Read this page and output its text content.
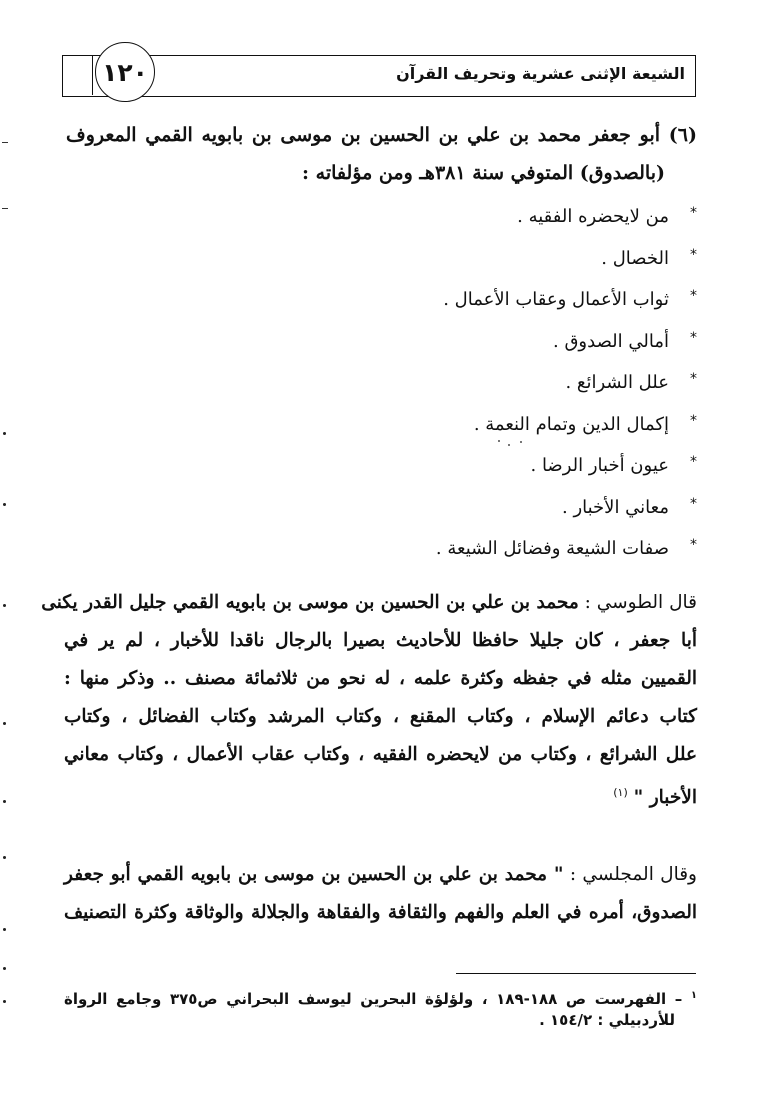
الشيعة الإثنى عشرية وتحريف القرآن
١٢٠
(٦) أبو جعفر محمد بن علي بن الحسين بن موسى بن بابويه القمي المعروف
(بالصدوق) المتوفي سنة ٣٨١هـ ومن مؤلفاته :
*من لايحضره الفقيه .
*الخصال .
*ثواب الأعمال وعقاب الأعمال .
*أمالي الصدوق .
*علل الشرائع .
*إكمال الدين وتمام النعمة .
*عيون أخبار الرضا .
*معاني الأخبار .
*صفات الشيعة وفضائل الشيعة .
قال الطوسي : محمد بن علي بن الحسين بن موسى بن بابويه القمي جليل القدر يكنى
أبا جعفر ، كان جليلا حافظا للأحاديث بصيرا بالرجال ناقدا للأخبار ، لم ير في
القميين مثله في جفظه وكثرة علمه ، له نحو من ثلاثمائة مصنف .. وذكر منها :
كتاب دعائم الإسلام ، وكتاب المقنع ، وكتاب المرشد وكتاب الفضائل ، وكتاب
علل الشرائع ، وكتاب من لايحضره الفقيه ، وكتاب عقاب الأعمال ، وكتاب معاني
الأخبار " $^{(١)}$
وقال المجلسي : " محمد بن علي بن الحسين بن موسى بن بابويه القمي أبو جعفر
الصدوق، أمره في العلم والفهم والثقافة والفقاهة والجلالة والوثاقة وكثرة التصنيف
$^١$ – الفهرست ص ١٨٨-١٨٩ ، ولؤلؤة البحرين ليوسف البحراني ص٣٧٥ وجامع الرواة
للأردبيلي : ١٥٤/٢ .
